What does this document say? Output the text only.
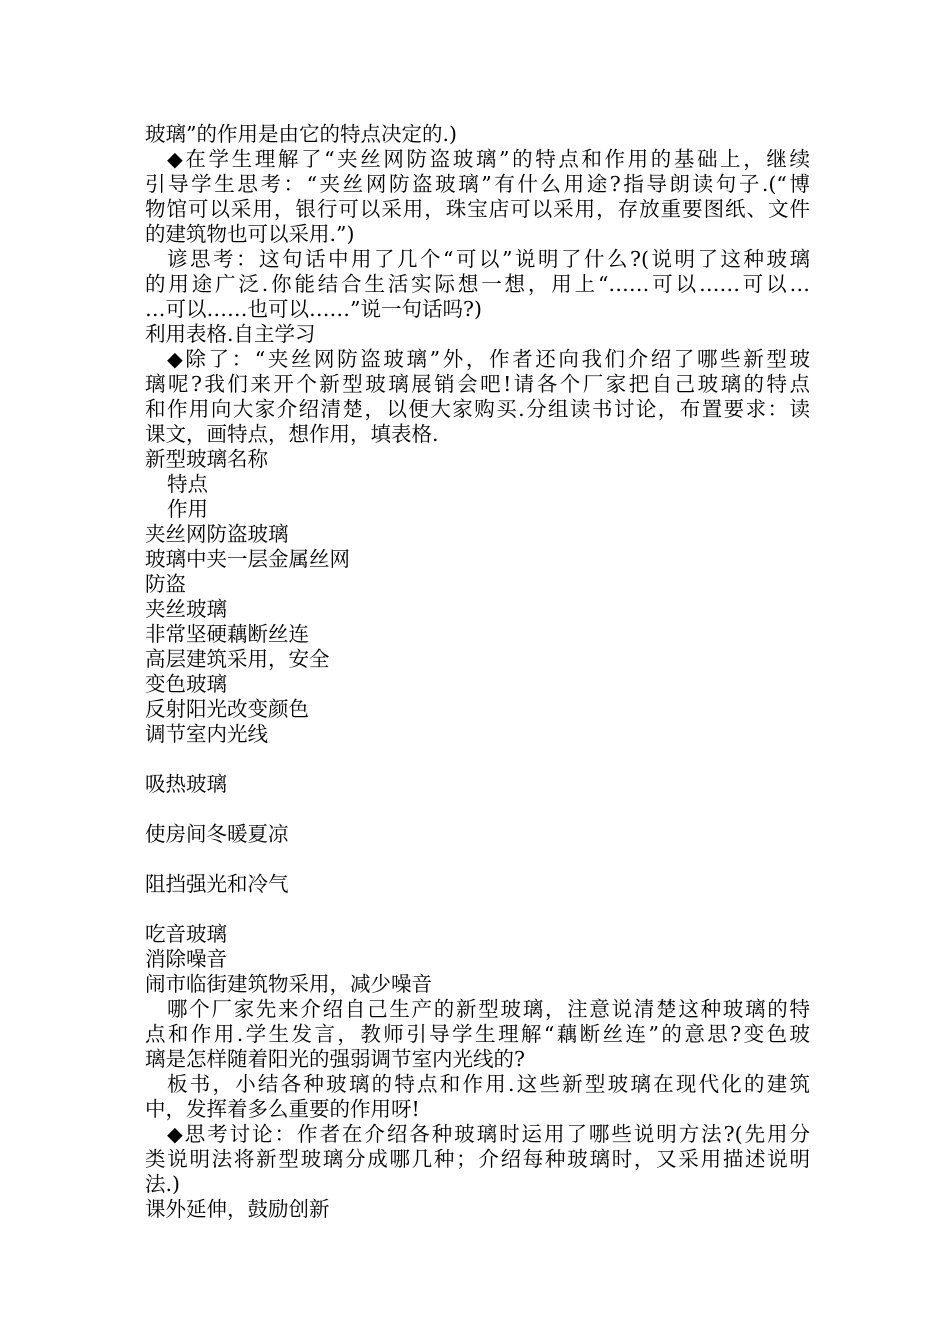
玻璃”的作用是由它的特点决定的.)
◆在学生理解了“夹丝网防盗玻璃”的特点和作用的基础上，继续
引导学生思考：“夹丝网防盗玻璃”有什么用途?指导朗读句子.(“博
物馆可以采用，银行可以采用，珠宝店可以采用，存放重要图纸、文件
的建筑物也可以采用.”)
谚思考：这句话中用了几个“可以”说明了什么?(说明了这种玻璃
的用途广泛.你能结合生活实际想一想，用上“……可以……可以…
…可以……也可以……”说一句话吗?)
利用表格.自主学习
◆除了：“夹丝网防盗玻璃”外，作者还向我们介绍了哪些新型玻
璃呢?我们来开个新型玻璃展销会吧!请各个厂家把自己玻璃的特点
和作用向大家介绍清楚，以便大家购买.分组读书讨论，布置要求：读
课文，画特点，想作用，填表格.
新型玻璃名称
特点
作用
夹丝网防盗玻璃
玻璃中夹一层金属丝网
防盗
夹丝玻璃
非常坚硬藕断丝连
高层建筑采用，安全
变色玻璃
反射阳光改变颜色
调节室内光线
吸热玻璃
使房间冬暖夏凉
阻挡强光和冷气
吃音玻璃
消除噪音
闹市临街建筑物采用，减少噪音
哪个厂家先来介绍自己生产的新型玻璃，注意说清楚这种玻璃的特
点和作用.学生发言，教师引导学生理解“藕断丝连”的意思?变色玻
璃是怎样随着阳光的强弱调节室内光线的?
板书，小结各种玻璃的特点和作用.这些新型玻璃在现代化的建筑
中，发挥着多么重要的作用呀!
◆思考讨论：作者在介绍各种玻璃时运用了哪些说明方法?(先用分
类说明法将新型玻璃分成哪几种；介绍每种玻璃时，又采用描述说明
法.)
课外延伸，鼓励创新
